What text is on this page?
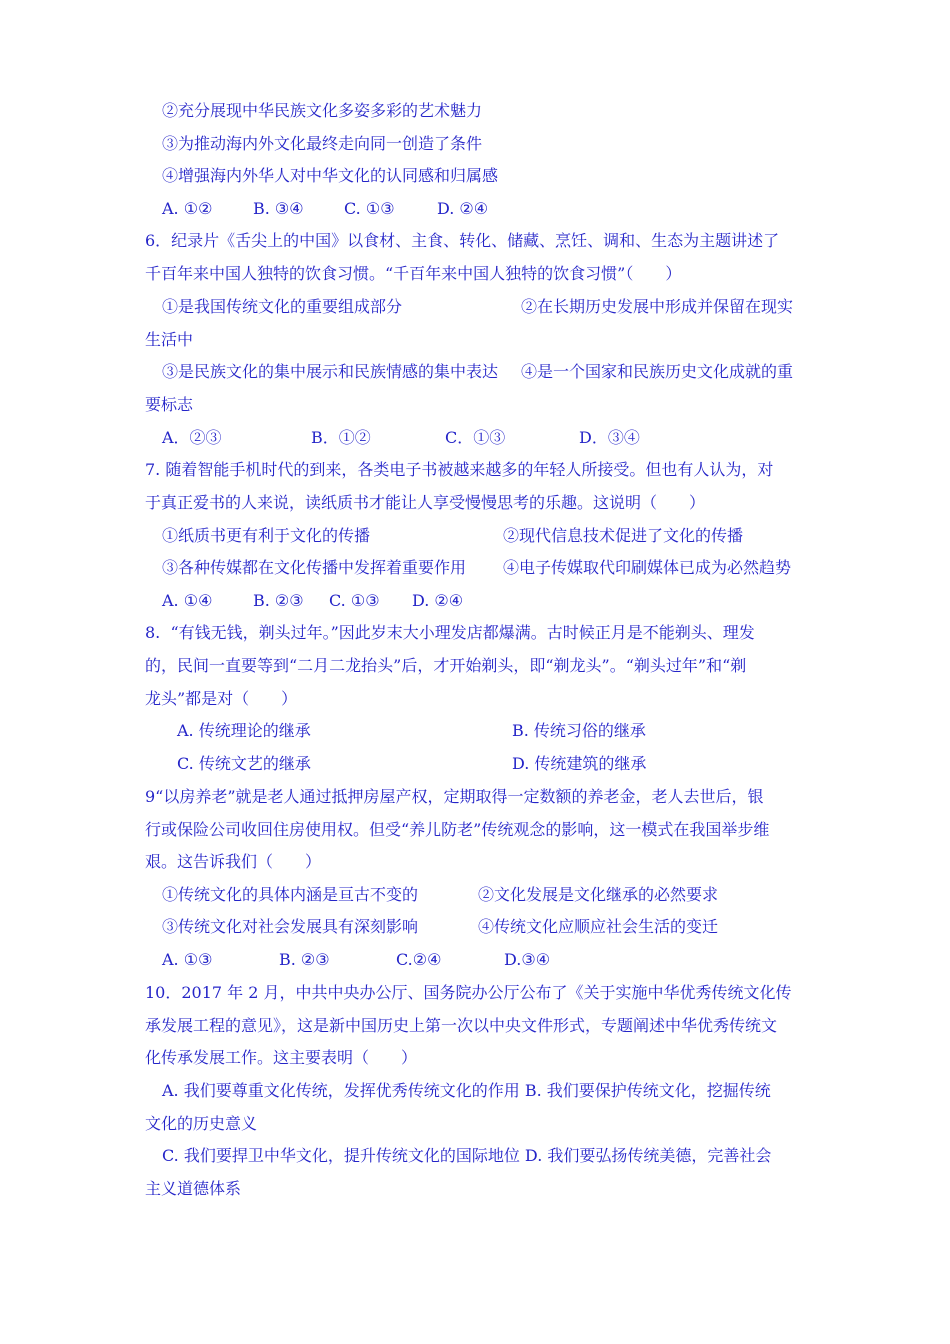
②充分展现中华民族文化多姿多彩的艺术魅力
③为推动海内外文化最终走向同一创造了条件
④增强海内外华人对中华文化的认同感和归属感
A. ①②	B. ③④	C. ①③	D. ②④
6．纪录片《舌尖上的中国》以食材、主食、转化、储藏、烹饪、调和、生态为主题讲述了
千百年来中国人独特的饮食习惯。“千百年来中国人独特的饮食习惯”（　　）
①是我国传统文化的重要组成部分	②在长期历史发展中形成并保留在现实
生活中
③是民族文化的集中展示和民族情感的集中表达 ④是一个国家和民族历史文化成就的重
要标志
A．②③	B．①②	C．①③	D．③④
7. 随着智能手机时代的到来，各类电子书被越来越多的年轻人所接受。但也有人认为，对
于真正爱书的人来说，读纸质书才能让人享受慢慢思考的乐趣。这说明（　　）
①纸质书更有利于文化的传播	②现代信息技术促进了文化的传播
③各种传媒都在文化传播中发挥着重要作用 ④电子传媒取代印刷媒体已成为必然趋势
A. ①④	B. ②③ C. ①③ D. ②④
8.  “有钱无钱，剃头过年。”因此岁末大小理发店都爆满。古时候正月是不能剃头、理发
的，民间一直要等到“二月二龙抬头”后，才开始剃头，即“剃龙头”。“剃头过年”和“剃
龙头”都是对（　　）
A. 传统理论的继承	B. 传统习俗的继承
C. 传统文艺的继承	D. 传统建筑的继承
9“以房养老”就是老人通过抵押房屋产权，定期取得一定数额的养老金，老人去世后，银
行或保险公司收回住房使用权。但受“养儿防老”传统观念的影响，这一模式在我国举步维
艰。这告诉我们（　　）
①传统文化的具体内涵是亘古不变的	②文化发展是文化继承的必然要求
③传统文化对社会发展具有深刻影响	④传统文化应顺应社会生活的变迁
A. ①③	B. ②③	C.②④	D.③④
10．2017 年 2 月，中共中央办公厅、国务院办公厅公布了《关于实施中华优秀传统文化传
承发展工程的意见》，这是新中国历史上第一次以中央文件形式，专题阐述中华优秀传统文
化传承发展工作。这主要表明（　　）
A. 我们要尊重文化传统，发挥优秀传统文化的作用 B. 我们要保护传统文化，挖掘传统
文化的历史意义
C. 我们要捍卫中华文化，提升传统文化的国际地位 D. 我们要弘扬传统美德，完善社会
主义道德体系
